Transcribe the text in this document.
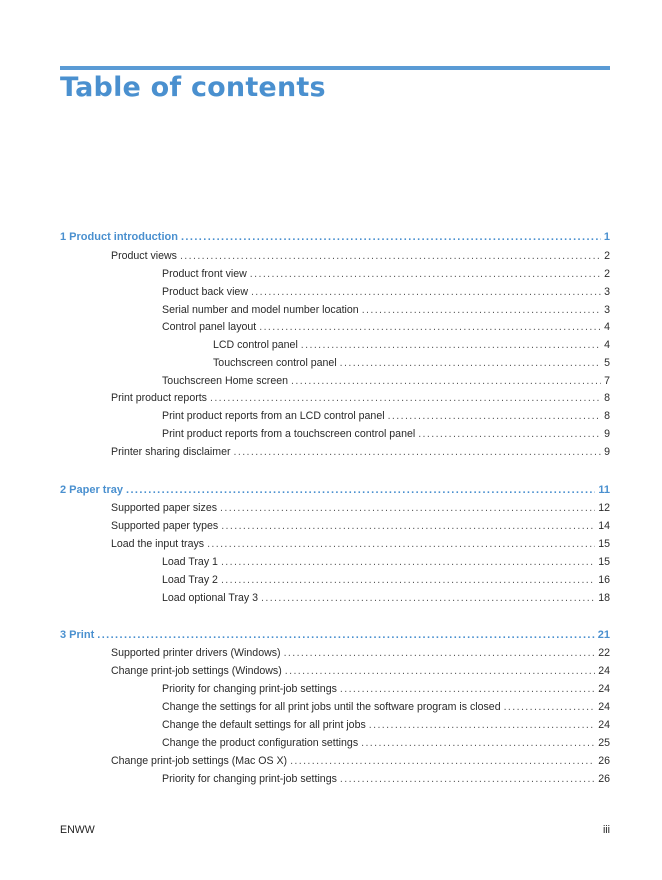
Table of contents
1 Product introduction .....	1
Product views .....	2
Product front view .....	2
Product back view .....	3
Serial number and model number location .....	3
Control panel layout .....	4
LCD control panel .....	4
Touchscreen control panel .....	5
Touchscreen Home screen .....	7
Print product reports .....	8
Print product reports from an LCD control panel .....	8
Print product reports from a touchscreen control panel .....	9
Printer sharing disclaimer .....	9
2 Paper tray .....	11
Supported paper sizes .....	12
Supported paper types .....	14
Load the input trays .....	15
Load Tray 1 .....	15
Load Tray 2 .....	16
Load optional Tray 3 .....	18
3 Print .....	21
Supported printer drivers (Windows) .....	22
Change print-job settings (Windows) .....	24
Priority for changing print-job settings .....	24
Change the settings for all print jobs until the software program is closed .....	24
Change the default settings for all print jobs .....	24
Change the product configuration settings .....	25
Change print-job settings (Mac OS X) .....	26
Priority for changing print-job settings .....	26
ENWW	iii
